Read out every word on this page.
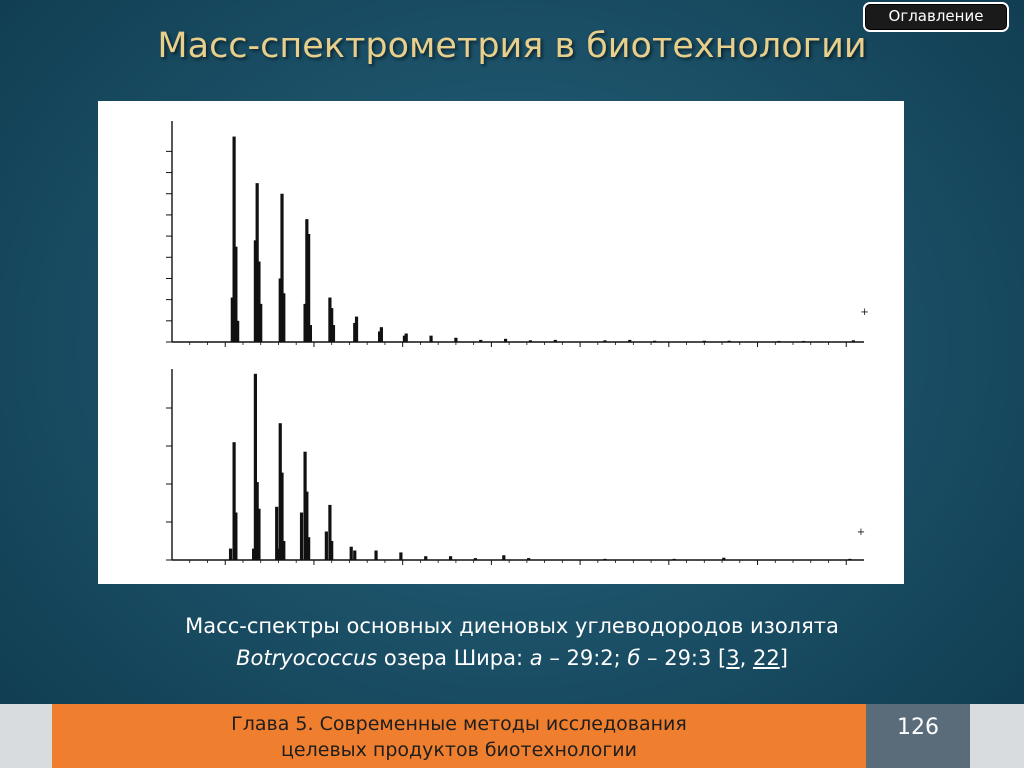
Оглавление
Масс-спектрометрия в биотехнологии
+
+
Масс-спектры основных диеновых углеводородов изолята
Botryococcus озера Шира: а – 29:2; б – 29:3 [3, 22]
Глава 5. Современные методы исследования
целевых продуктов биотехнологии
126
